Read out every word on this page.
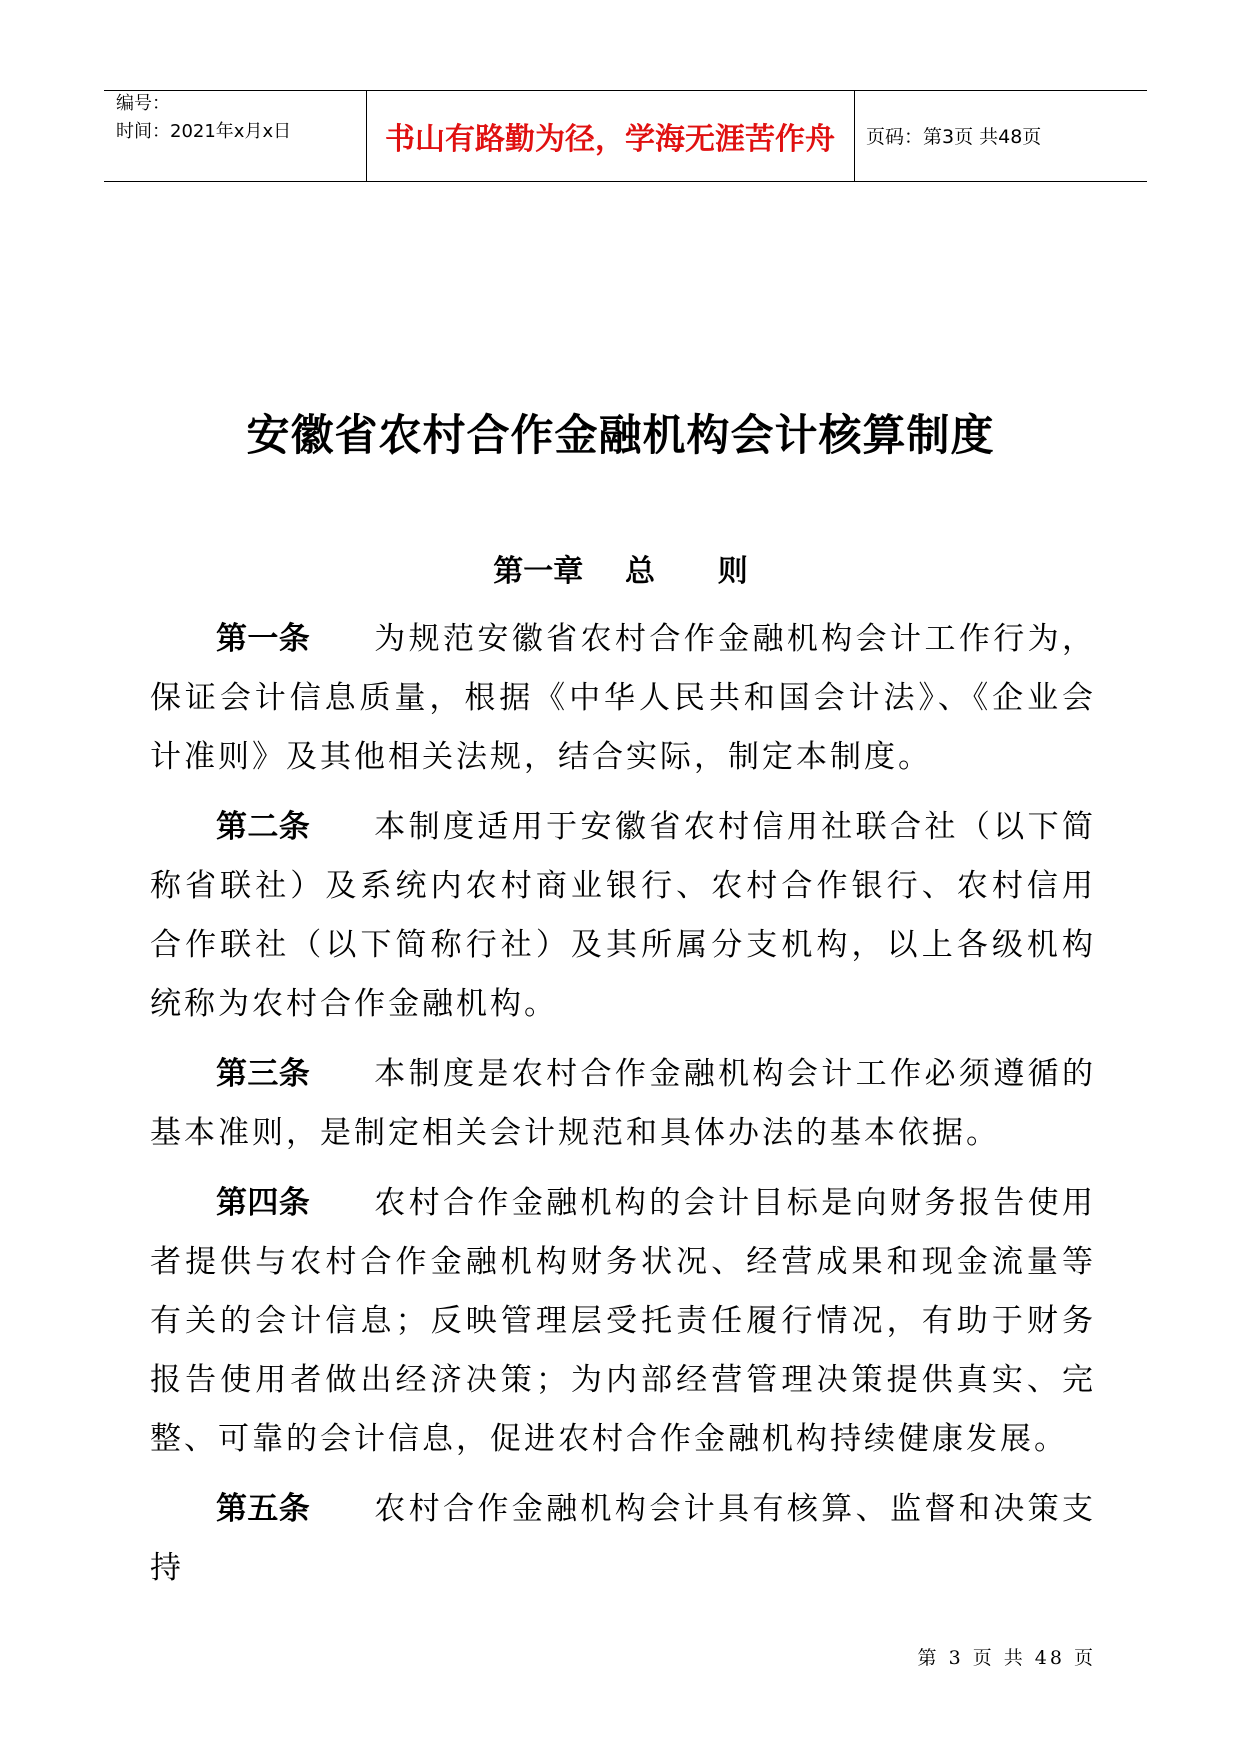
编号：
时间：2021年x月x日	书山有路勤为径，学海无涯苦作舟	页码：第3页 共48页
安徽省农村合作金融机构会计核算制度
第一章    总      则

第一条 为规范安徽省农村合作金融机构会计工作行为，保证会计信息质量，根据《中华人民共和国会计法》、《企业会计准则》及其他相关法规，结合实际，制定本制度。

第二条 本制度适用于安徽省农村信用社联合社（以下简称省联社）及系统内农村商业银行、农村合作银行、农村信用合作联社（以下简称行社）及其所属分支机构，以上各级机构统称为农村合作金融机构。

第三条 本制度是农村合作金融机构会计工作必须遵循的基本准则，是制定相关会计规范和具体办法的基本依据。

第四条 农村合作金融机构的会计目标是向财务报告使用者提供与农村合作金融机构财务状况、经营成果和现金流量等有关的会计信息；反映管理层受托责任履行情况，有助于财务报告使用者做出经济决策；为内部经营管理决策提供真实、完整、可靠的会计信息，促进农村合作金融机构持续健康发展。

第五条 农村合作金融机构会计具有核算、监督和决策支持

第 3 页 共 48 页
